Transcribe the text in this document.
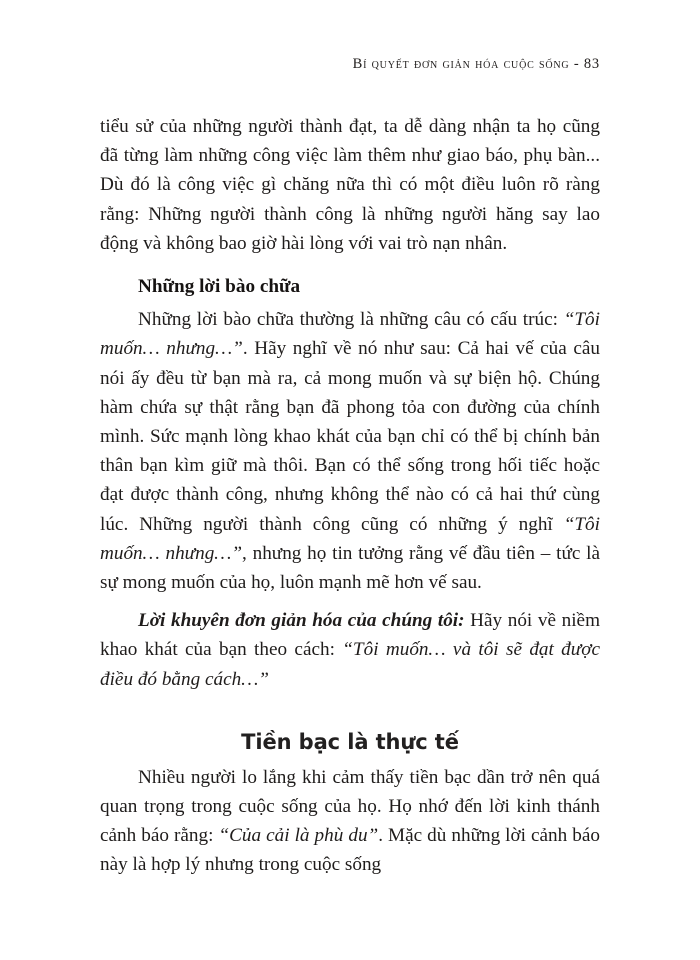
Bí quyết đơn giản hóa cuộc sống - 83

tiểu sử của những người thành đạt, ta dễ dàng nhận ta họ cũng đã từng làm những công việc làm thêm như giao báo, phụ bàn... Dù đó là công việc gì chăng nữa thì có một điều luôn rõ ràng rằng: Những người thành công là những người hăng say lao động và không bao giờ hài lòng với vai trò nạn nhân.

Những lời bào chữa

Những lời bào chữa thường là những câu có cấu trúc: “Tôi muốn… nhưng…”. Hãy nghĩ về nó như sau: Cả hai vế của câu nói ấy đều từ bạn mà ra, cả mong muốn và sự biện hộ. Chúng hàm chứa sự thật rằng bạn đã phong tỏa con đường của chính mình. Sức mạnh lòng khao khát của bạn chỉ có thể bị chính bản thân bạn kìm giữ mà thôi. Bạn có thể sống trong hối tiếc hoặc đạt được thành công, nhưng không thể nào có cả hai thứ cùng lúc. Những người thành công cũng có những ý nghĩ “Tôi muốn… nhưng…”, nhưng họ tin tưởng rằng vế đầu tiên – tức là sự mong muốn của họ, luôn mạnh mẽ hơn vế sau.

Lời khuyên đơn giản hóa của chúng tôi: Hãy nói về niềm khao khát của bạn theo cách: “Tôi muốn… và tôi sẽ đạt được điều đó bằng cách…”

Tiền bạc là thực tế

Nhiều người lo lắng khi cảm thấy tiền bạc dần trở nên quá quan trọng trong cuộc sống của họ. Họ nhớ đến lời kinh thánh cảnh báo rằng: “Của cải là phù du”. Mặc dù những lời cảnh báo này là hợp lý nhưng trong cuộc sống
